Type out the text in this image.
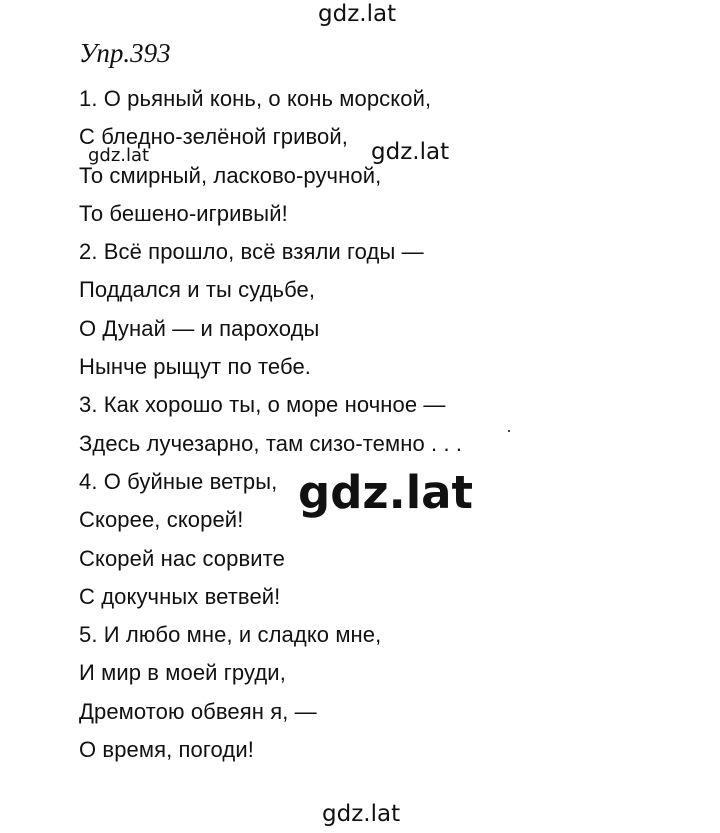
gdz.lat
Упр.393
1. О рьяный конь, о конь морской,
С бледно-зелёной гривой,
То смирный, ласково-ручной,
То бешено-игривый!
2. Всё прошло, всё взяли годы —
Поддался и ты судьбе,
О Дунай — и пароходы
Нынче рыщут по тебе.
3. Как хорошо ты, о море ночное —
Здесь лучезарно, там сизо-темно . . .
4. О буйные ветры,
Скорее, скорей!
Скорей нас сорвите
С докучных ветвей!
5. И любо мне, и сладко мне,
И мир в моей груди,
Дремотою обвеян я, —
О время, погоди!
gdz.lat	gdz.lat
gdz.lat
gdz.lat
